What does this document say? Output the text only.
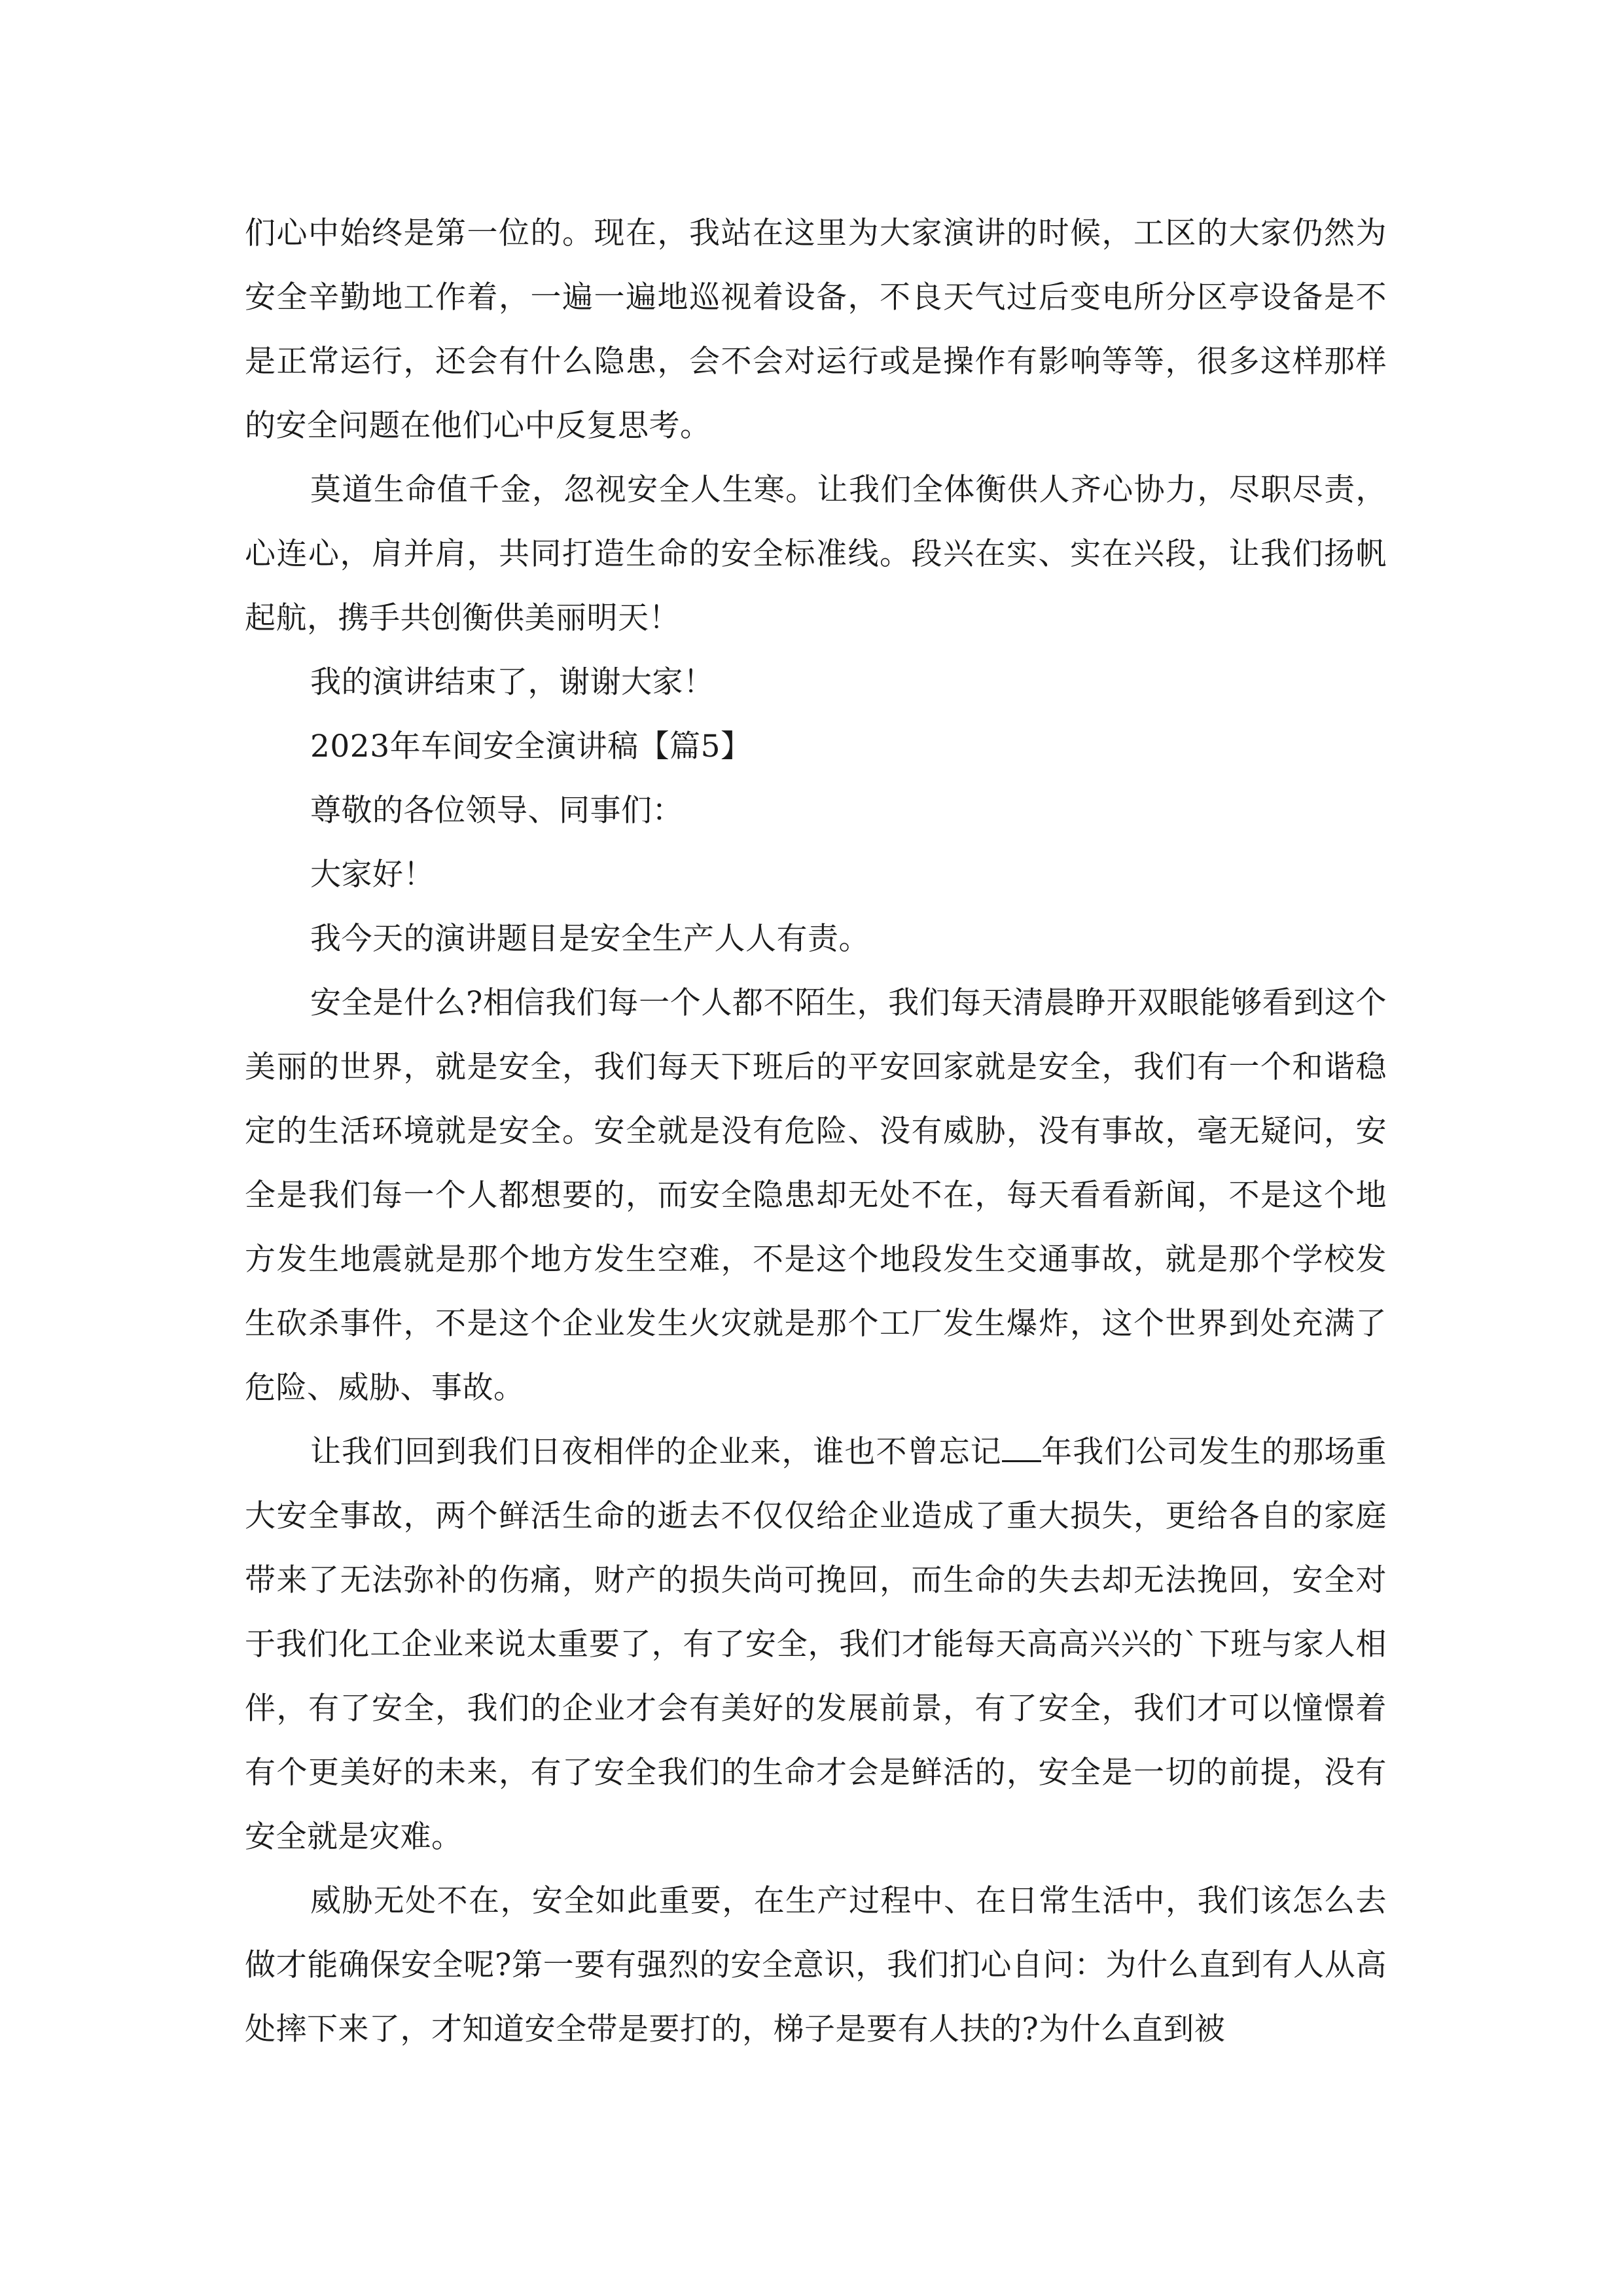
们心中始终是第一位的。现在，我站在这里为大家演讲的时候，工区的大家仍然为安全辛勤地工作着，一遍一遍地巡视着设备，不良天气过后变电所分区亭设备是不是正常运行，还会有什么隐患，会不会对运行或是操作有影响等等，很多这样那样的安全问题在他们心中反复思考。

莫道生命值千金，忽视安全人生寒。让我们全体衡供人齐心协力，尽职尽责，心连心，肩并肩，共同打造生命的安全标准线。段兴在实、实在兴段，让我们扬帆起航，携手共创衡供美丽明天！

我的演讲结束了，谢谢大家！

2023年车间安全演讲稿【篇5】

尊敬的各位领导、同事们：

大家好！

我今天的演讲题目是安全生产人人有责。

安全是什么?相信我们每一个人都不陌生，我们每天清晨睁开双眼能够看到这个美丽的世界，就是安全，我们每天下班后的平安回家就是安全，我们有一个和谐稳定的生活环境就是安全。安全就是没有危险、没有威胁，没有事故，毫无疑问，安全是我们每一个人都想要的，而安全隐患却无处不在，每天看看新闻，不是这个地方发生地震就是那个地方发生空难，不是这个地段发生交通事故，就是那个学校发生砍杀事件，不是这个企业发生火灾就是那个工厂发生爆炸，这个世界到处充满了危险、威胁、事故。

让我们回到我们日夜相伴的企业来，谁也不曾忘记 年我们公司发生的那场重大安全事故，两个鲜活生命的逝去不仅仅给企业造成了重大损失，更给各自的家庭带来了无法弥补的伤痛，财产的损失尚可挽回，而生命的失去却无法挽回，安全对于我们化工企业来说太重要了，有了安全，我们才能每天高高兴兴的`下班与家人相伴，有了安全，我们的企业才会有美好的发展前景，有了安全，我们才可以憧憬着有个更美好的未来，有了安全我们的生命才会是鲜活的，安全是一切的前提，没有安全就是灾难。

威胁无处不在，安全如此重要，在生产过程中、在日常生活中，我们该怎么去做才能确保安全呢?第一要有强烈的安全意识，我们扪心自问：为什么直到有人从高处摔下来了，才知道安全带是要打的，梯子是要有人扶的?为什么直到被
